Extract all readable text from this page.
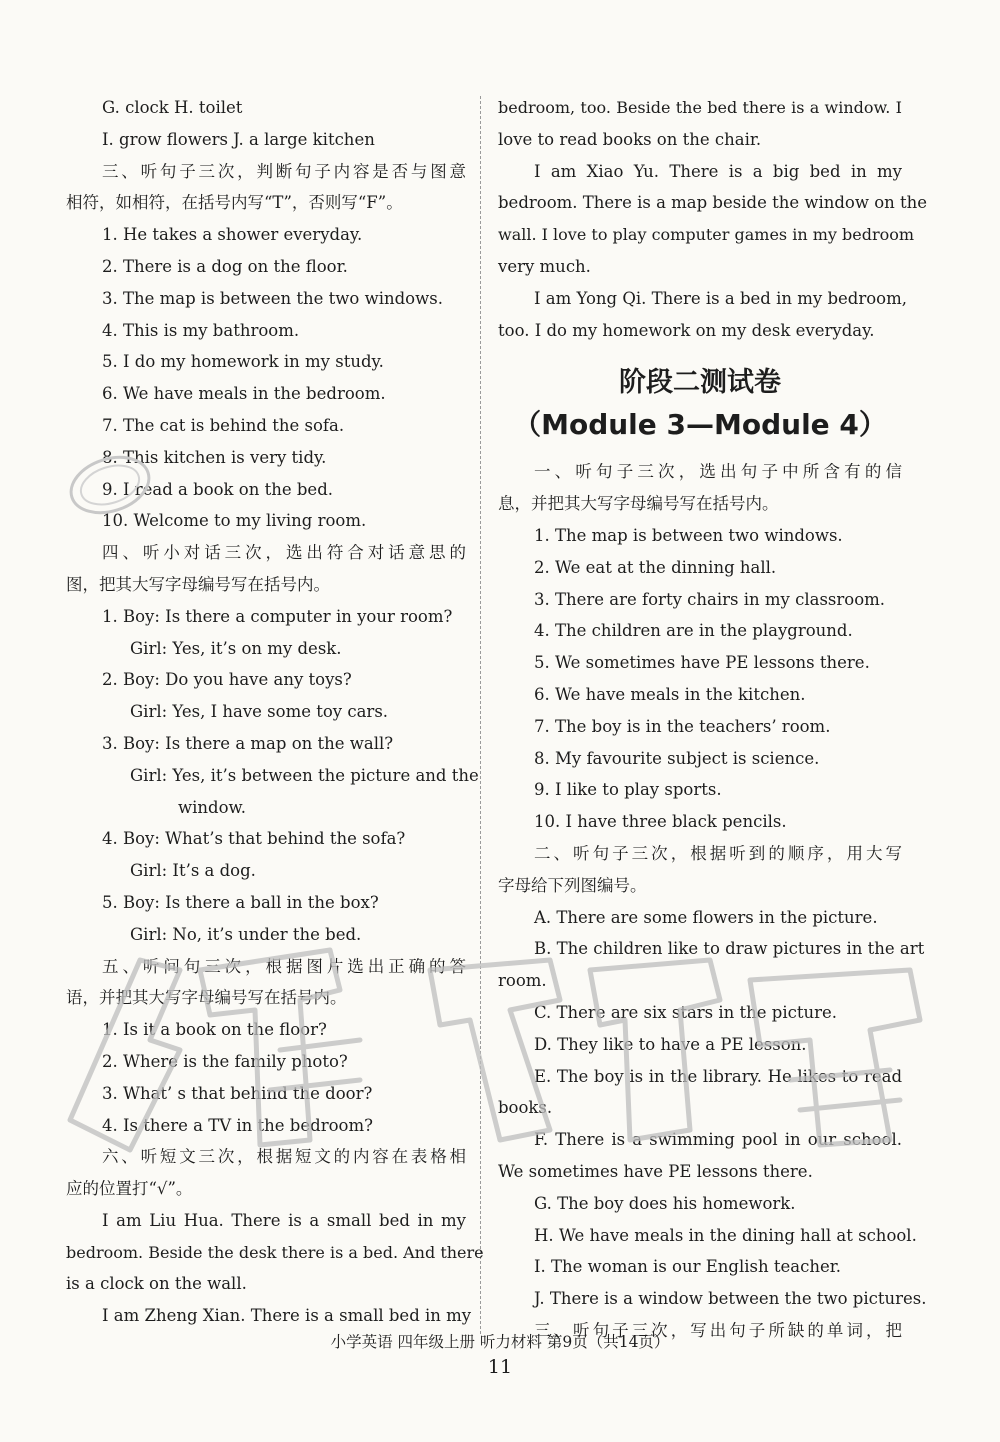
G. clock H. toilet
I. grow flowers J. a large kitchen
三、听句子三次，判断句子内容是否与图意
相符，如相符，在括号内写“T”，否则写“F”。
1. He takes a shower everyday.
2. There is a dog on the floor.
3. The map is between the two windows.
4. This is my bathroom.
5. I do my homework in my study.
6. We have meals in the bedroom.
7. The cat is behind the sofa.
8. This kitchen is very tidy.
9. I read a book on the bed.
10. Welcome to my living room.
四、听小对话三次，选出符合对话意思的
图，把其大写字母编号写在括号内。
1. Boy: Is there a computer in your room?
Girl: Yes, it’s on my desk.
2. Boy: Do you have any toys?
Girl: Yes, I have some toy cars.
3. Boy: Is there a map on the wall?
Girl: Yes, it’s between the picture and the
window.
4. Boy: What’s that behind the sofa?
Girl: It’s a dog.
5. Boy: Is there a ball in the box?
Girl: No, it’s under the bed.
五、听问句三次，根据图片选出正确的答
语，并把其大写字母编号写在括号内。
1. Is it a book on the floor?
2. Where is the family photo?
3. What’ s that behind the door?
4. Is there a TV in the bedroom?
六、听短文三次，根据短文的内容在表格相
应的位置打“√”。
I am Liu Hua. There is a small bed in my
bedroom. Beside the desk there is a bed. And there
is a clock on the wall.
I am Zheng Xian. There is a small bed in my
bedroom, too. Beside the bed there is a window. I
love to read books on the chair.
I am Xiao Yu. There is a big bed in my
bedroom. There is a map beside the window on the
wall. I love to play computer games in my bedroom
very much.
I am Yong Qi. There is a bed in my bedroom,
too. I do my homework on my desk everyday.
阶段二测试卷
（Module 3—Module 4）
一、听句子三次，选出句子中所含有的信
息，并把其大写字母编号写在括号内。
1. The map is between two windows.
2. We eat at the dinning hall.
3. There are forty chairs in my classroom.
4. The children are in the playground.
5. We sometimes have PE lessons there.
6. We have meals in the kitchen.
7. The boy is in the teachers’ room.
8. My favourite subject is science.
9. I like to play sports.
10. I have three black pencils.
二、听句子三次，根据听到的顺序，用大写
字母给下列图编号。
A. There are some flowers in the picture.
B. The children like to draw pictures in the art
room.
C. There are six stars in the picture.
D. They like to have a PE lesson.
E. The boy is in the library. He likes to read
books.
F. There is a swimming pool in our school.
We sometimes have PE lessons there.
G. The boy does his homework.
H. We have meals in the dining hall at school.
I. The woman is our English teacher.
J. There is a window between the two pictures.
三、听句子三次，写出句子所缺的单词，把
小学英语 四年级上册 听力材料 第9页（共14页）
11
